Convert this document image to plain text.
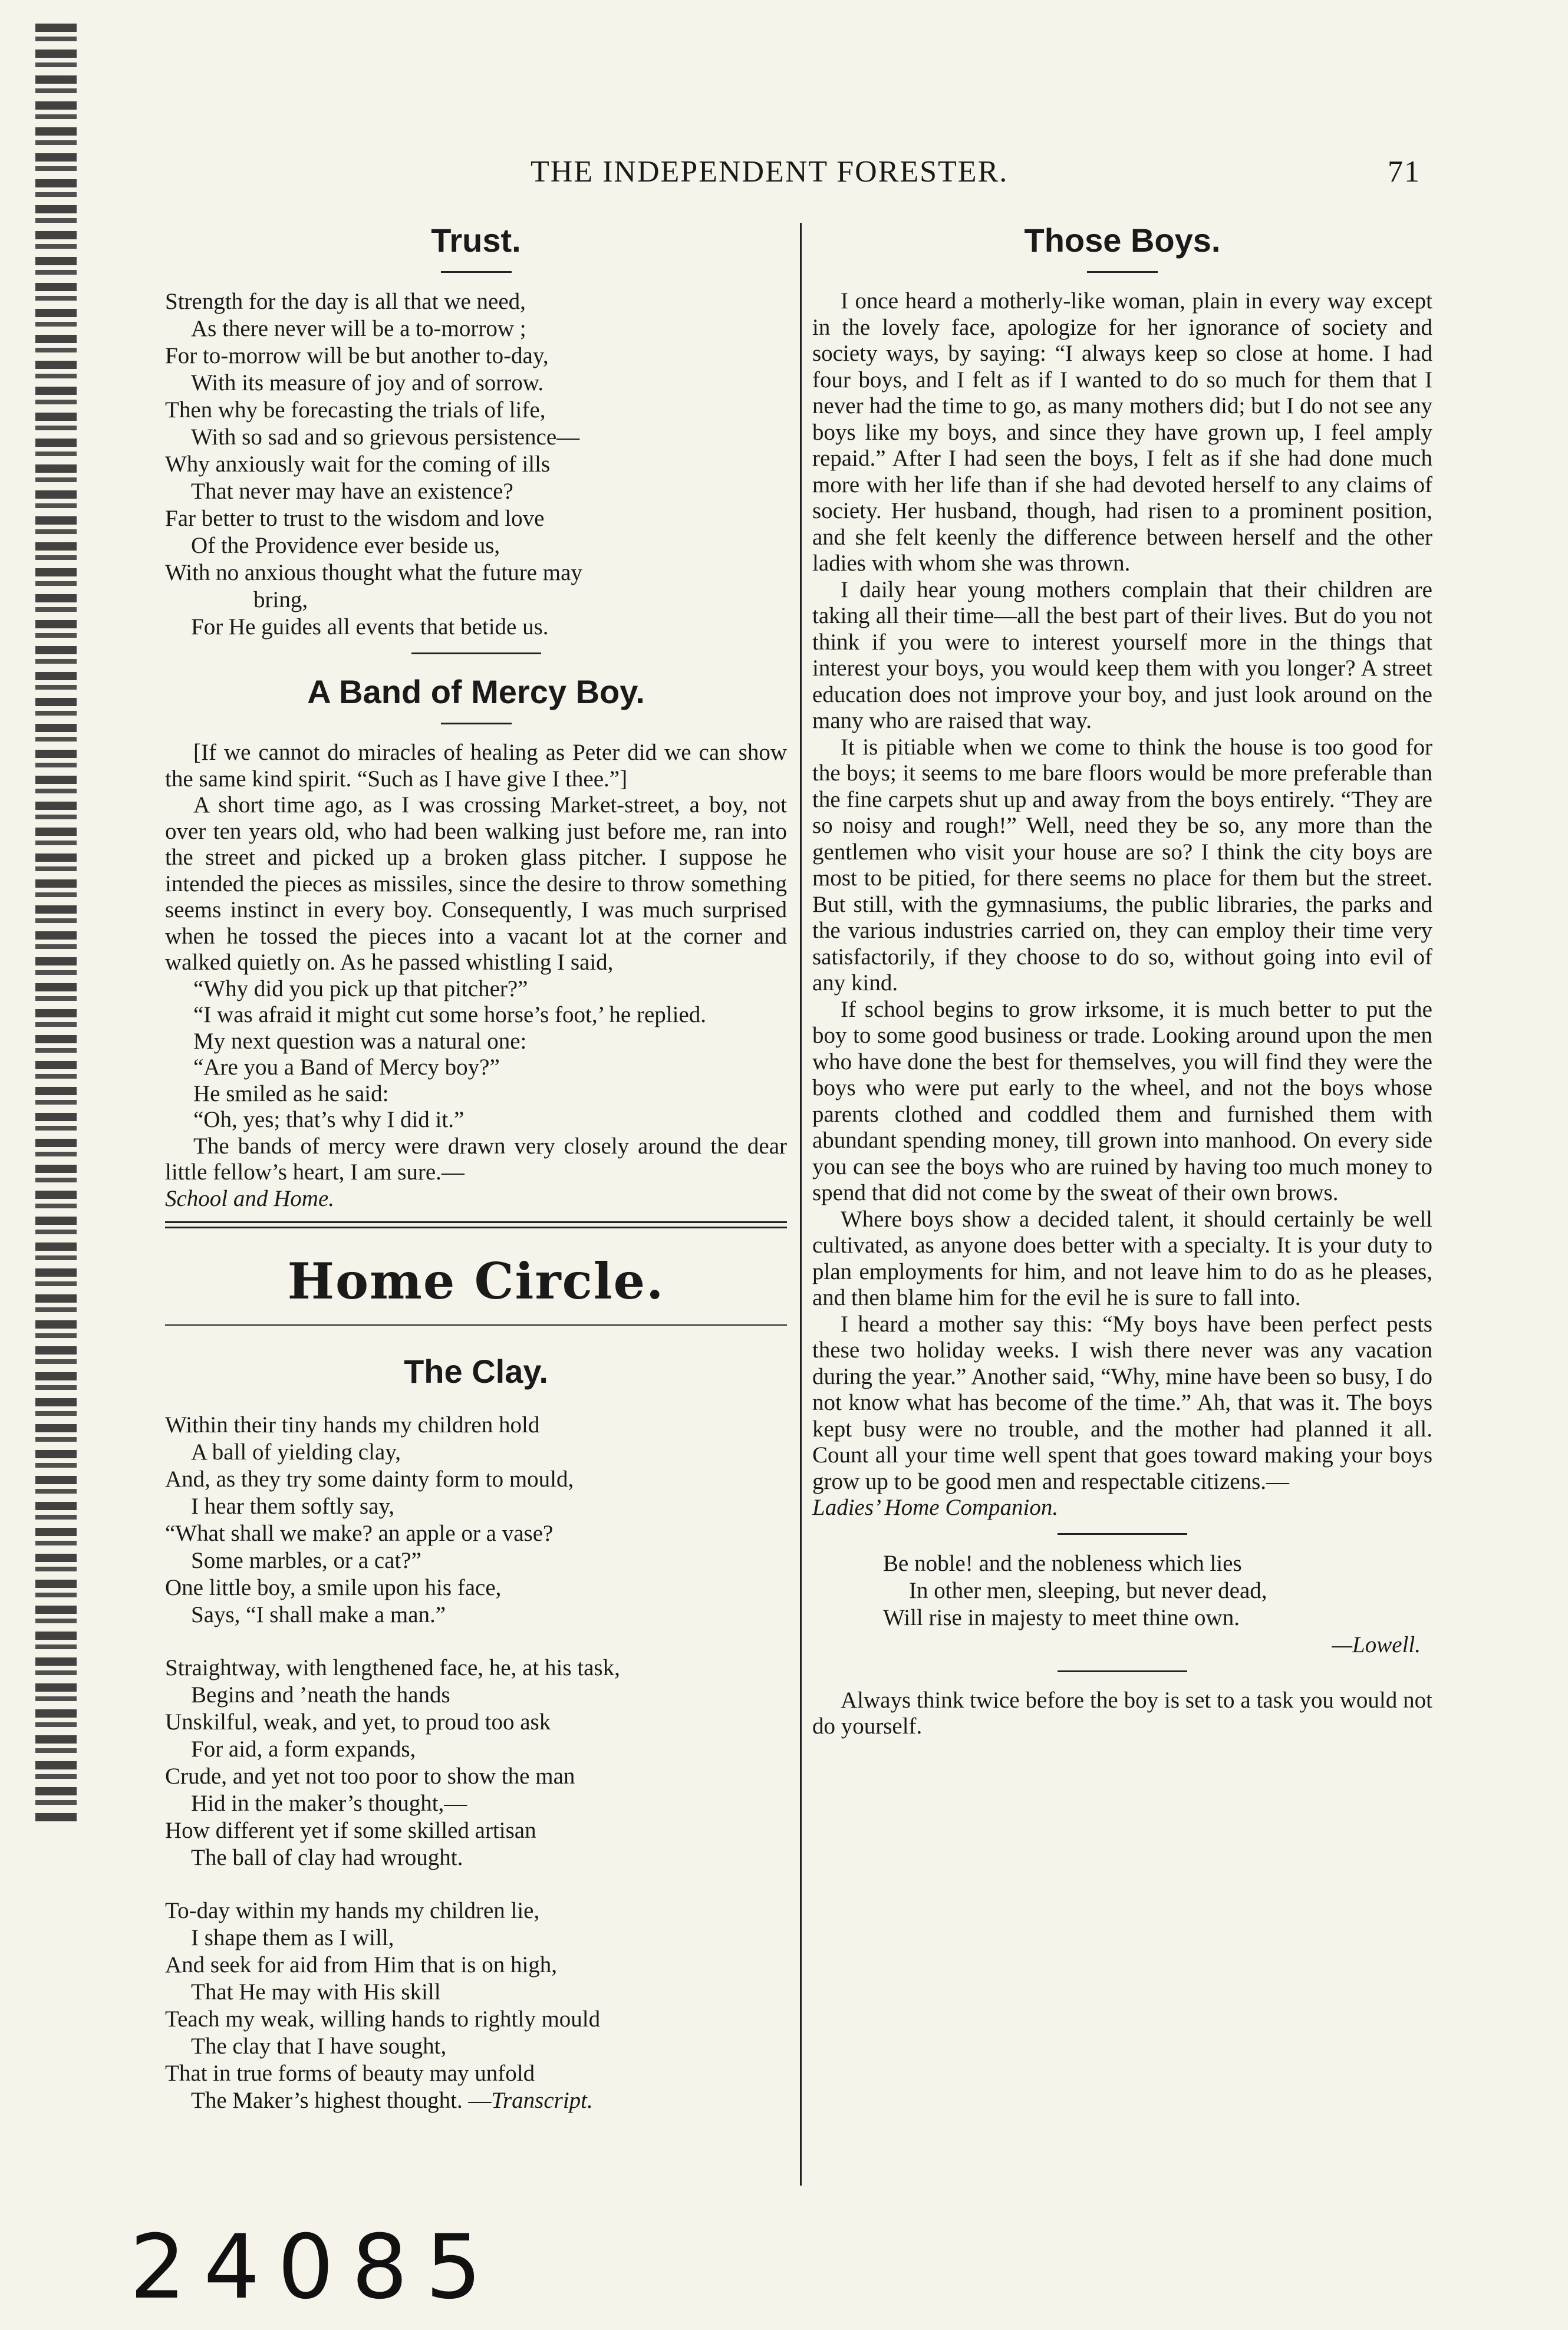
THE INDEPENDENT FORESTER.	71
Trust.
Strength for the day is all that we need,
As there never will be a to-morrow ;
For to-morrow will be but another to-day,
With its measure of joy and of sorrow.
Then why be forecasting the trials of life,
With so sad and so grievous persistence—
Why anxiously wait for the coming of ills
That never may have an existence?
Far better to trust to the wisdom and love
Of the Providence ever beside us,
With no anxious thought what the future may
bring,
For He guides all events that betide us.
A Band of Mercy Boy.

[If we cannot do miracles of healing as Peter did we can show the same kind spirit. “Such as I have give I thee.”]

A short time ago, as I was crossing Market-street, a boy, not over ten years old, who had been walking just before me, ran into the street and picked up a broken glass pitcher. I suppose he intended the pieces as missiles, since the desire to throw something seems instinct in every boy. Consequently, I was much surprised when he tossed the pieces into a vacant lot at the corner and walked quietly on. As he passed whistling I said,

“Why did you pick up that pitcher?”

“I was afraid it might cut some horse’s foot,’ he replied.

My next question was a natural one:

“Are you a Band of Mercy boy?”

He smiled as he said:

“Oh, yes; that’s why I did it.”

The bands of mercy were drawn very closely around the dear little fellow’s heart, I am sure.—

School and Home.
Home Circle.
The Clay.
Within their tiny hands my children hold
A ball of yielding clay,
And, as they try some dainty form to mould,
I hear them softly say,
“What shall we make? an apple or a vase?
Some marbles, or a cat?”
One little boy, a smile upon his face,
Says, “I shall make a man.”
Straightway, with lengthened face, he, at his task,
Begins and ’neath the hands
Unskilful, weak, and yet, to proud too ask
For aid, a form expands,
Crude, and yet not too poor to show the man
Hid in the maker’s thought,—
How different yet if some skilled artisan
The ball of clay had wrought.
To-day within my hands my children lie,
I shape them as I will,
And seek for aid from Him that is on high,
That He may with His skill
Teach my weak, willing hands to rightly mould
The clay that I have sought,
That in true forms of beauty may unfold
The Maker’s highest thought. —Transcript.
Those Boys.

I once heard a motherly-like woman, plain in every way except in the lovely face, apologize for her ignorance of society and society ways, by saying: “I always keep so close at home. I had four boys, and I felt as if I wanted to do so much for them that I never had the time to go, as many mothers did; but I do not see any boys like my boys, and since they have grown up, I feel amply repaid.” After I had seen the boys, I felt as if she had done much more with her life than if she had devoted herself to any claims of society. Her husband, though, had risen to a prominent position, and she felt keenly the difference between herself and the other ladies with whom she was thrown.

I daily hear young mothers complain that their children are taking all their time—all the best part of their lives. But do you not think if you were to interest yourself more in the things that interest your boys, you would keep them with you longer? A street education does not improve your boy, and just look around on the many who are raised that way.

It is pitiable when we come to think the house is too good for the boys; it seems to me bare floors would be more preferable than the fine carpets shut up and away from the boys entirely. “They are so noisy and rough!” Well, need they be so, any more than the gentlemen who visit your house are so? I think the city boys are most to be pitied, for there seems no place for them but the street. But still, with the gymnasiums, the public libraries, the parks and the various industries carried on, they can employ their time very satisfactorily, if they choose to do so, without going into evil of any kind.

If school begins to grow irksome, it is much better to put the boy to some good business or trade. Looking around upon the men who have done the best for themselves, you will find they were the boys who were put early to the wheel, and not the boys whose parents clothed and coddled them and furnished them with abundant spending money, till grown into manhood. On every side you can see the boys who are ruined by having too much money to spend that did not come by the sweat of their own brows.

Where boys show a decided talent, it should certainly be well cultivated, as anyone does better with a specialty. It is your duty to plan employments for him, and not leave him to do as he pleases, and then blame him for the evil he is sure to fall into.

I heard a mother say this: “My boys have been perfect pests these two holiday weeks. I wish there never was any vacation during the year.” Another said, “Why, mine have been so busy, I do not know what has become of the time.” Ah, that was it. The boys kept busy were no trouble, and the mother had planned it all. Count all your time well spent that goes toward making your boys grow up to be good men and respectable citizens.—

Ladies’ Home Companion.
Be noble! and the nobleness which lies
In other men, sleeping, but never dead,
Will rise in majesty to meet thine own.
—Lowell.

Always think twice before the boy is set to a task you would not do yourself.

24085
